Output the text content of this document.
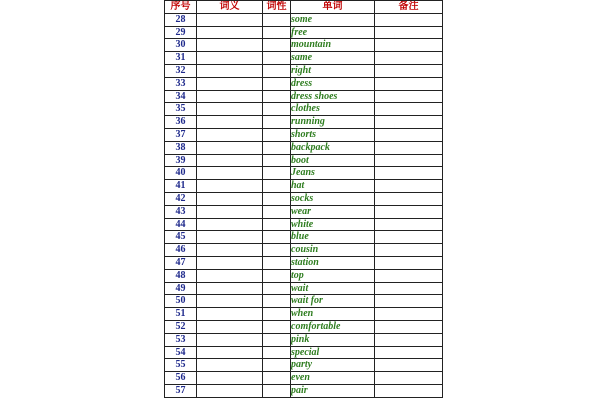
序号	词义	词性	单词	备注
28			some	
29			free	
30			mountain	
31			same	
32			right	
33			dress	
34			dress shoes	
35			clothes	
36			running	
37			shorts	
38			backpack	
39			boot	
40			Jeans	
41			hat	
42			socks	
43			wear	
44			white	
45			blue	
46			cousin	
47			station	
48			top	
49			wait	
50			wait for	
51			when	
52			comfortable	
53			pink	
54			special	
55			party	
56			even	
57			pair	
